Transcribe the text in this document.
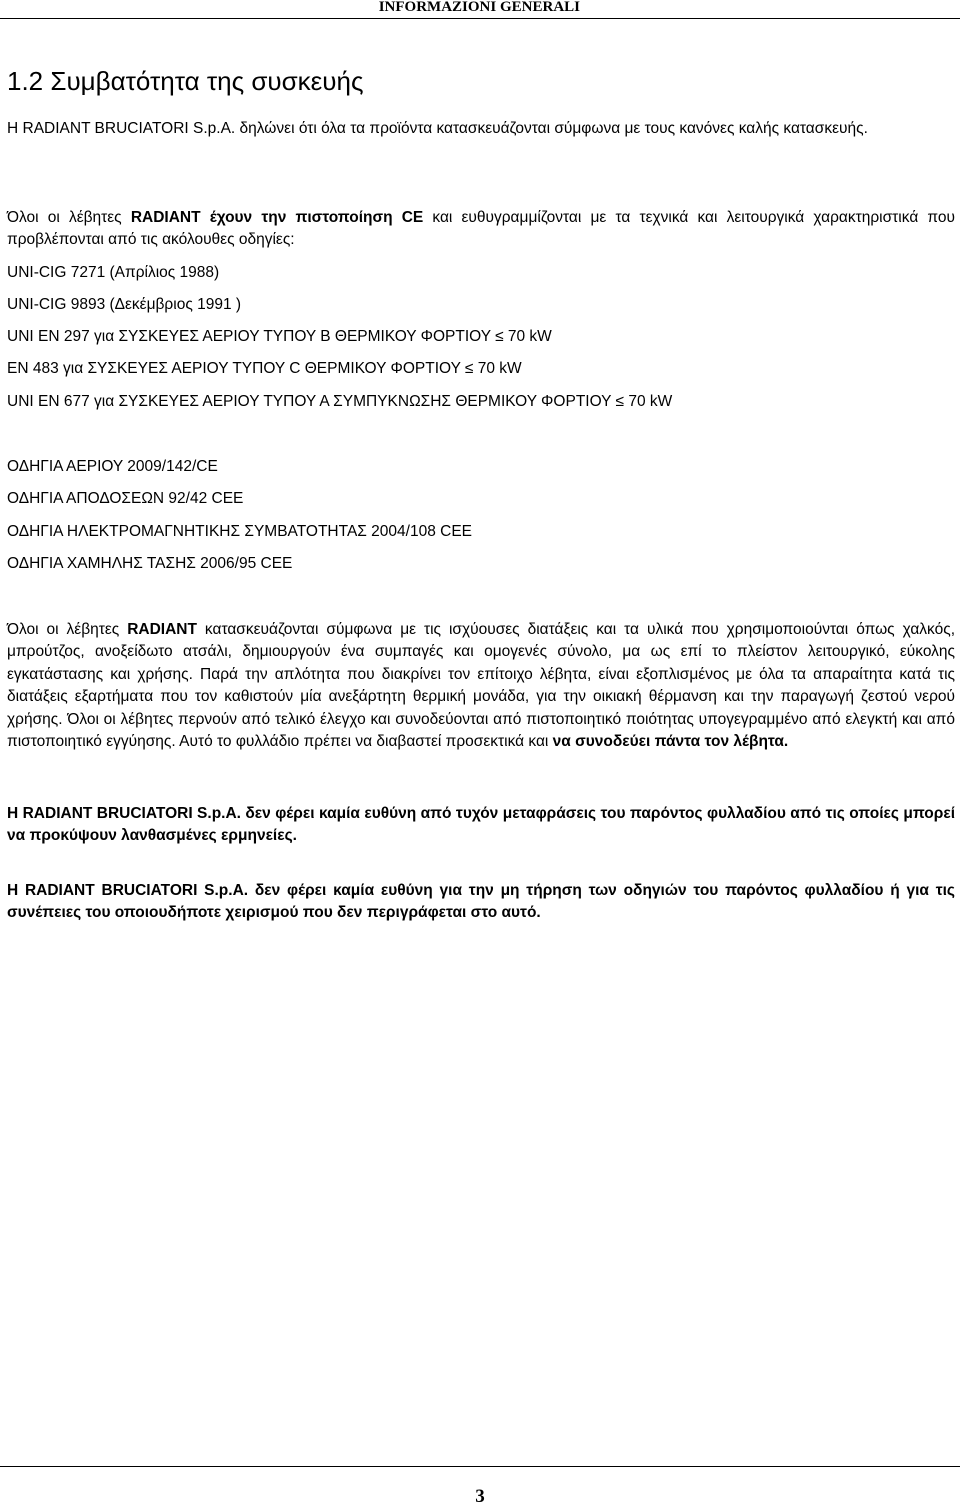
INFORMAZIONI GENERALI
1.2 Συμβατότητα της συσκευής
Η RADIANT BRUCIATORI S.p.A. δηλώνει ότι όλα τα προϊόντα κατασκευάζονται σύμφωνα με τους κανόνες καλής κατασκευής.
Όλοι οι λέβητες RADIANT έχουν την πιστοποίηση CE και ευθυγραμμίζονται με τα τεχνικά και λειτουργικά χαρακτηριστικά που προβλέπονται από τις ακόλουθες οδηγίες:
UNI-CIG 7271 (Απρίλιος 1988)
UNI-CIG 9893 (Δεκέμβριος 1991 )
UNI EN 297 για ΣΥΣΚΕΥΕΣ ΑΕΡΙΟΥ ΤΥΠΟΥ B ΘΕΡΜΙΚΟΥ ΦΟΡΤΙΟΥ ≤ 70 kW
EN 483 για ΣΥΣΚΕΥΕΣ ΑΕΡΙΟΥ ΤΥΠΟΥ C ΘΕΡΜΙΚΟΥ ΦΟΡΤΙΟΥ ≤ 70 kW
UNI EN 677 για ΣΥΣΚΕΥΕΣ ΑΕΡΙΟΥ ΤΥΠΟΥ Α ΣΥΜΠΥΚΝΩΣΗΣ ΘΕΡΜΙΚΟΥ ΦΟΡΤΙΟΥ ≤ 70 kW
ΟΔΗΓΙΑ ΑΕΡΙΟΥ 2009/142/CE
ΟΔΗΓΙΑ ΑΠΟΔΟΣΕΩΝ 92/42 CEE
ΟΔΗΓΙΑ ΗΛΕΚΤΡΟΜΑΓΝΗΤΙΚΗΣ ΣΥΜΒΑΤΟΤΗΤΑΣ 2004/108 CEE
ΟΔΗΓΙΑ ΧΑΜΗΛΗΣ ΤΑΣΗΣ 2006/95 CEE
Όλοι οι λέβητες RADIANT κατασκευάζονται σύμφωνα με τις ισχύουσες διατάξεις και τα υλικά που χρησιμοποιούνται όπως χαλκός, μπρούτζος, ανοξείδωτο ατσάλι, δημιουργούν ένα συμπαγές και ομογενές σύνολο, μα ως επί το πλείστον λειτουργικό, εύκολης εγκατάστασης και χρήσης. Παρά την απλότητα που διακρίνει τον επίτοιχο λέβητα, είναι εξοπλισμένος με όλα τα απαραίτητα κατά τις διατάξεις εξαρτήματα που τον καθιστούν μία ανεξάρτητη θερμική μονάδα, για την οικιακή θέρμανση και την παραγωγή ζεστού νερού χρήσης. Όλοι οι λέβητες περνούν από τελικό έλεγχο και συνοδεύονται από πιστοποιητικό ποιότητας υπογεγραμμένο από ελεγκτή και από πιστοποιητικό εγγύησης. Αυτό το φυλλάδιο πρέπει να διαβαστεί προσεκτικά και να συνοδεύει πάντα τον λέβητα.
Η RADIANT BRUCIATORI S.p.A. δεν φέρει καμία ευθύνη από τυχόν μεταφράσεις του παρόντος φυλλαδίου από τις οποίες μπορεί να προκύψουν λανθασμένες ερμηνείες.
Η RADIANT BRUCIATORI S.p.A. δεν φέρει καμία ευθύνη για την μη τήρηση των οδηγιών του παρόντος φυλλαδίου ή για τις συνέπειες του οποιουδήποτε χειρισμού που δεν περιγράφεται στο αυτό.
3
